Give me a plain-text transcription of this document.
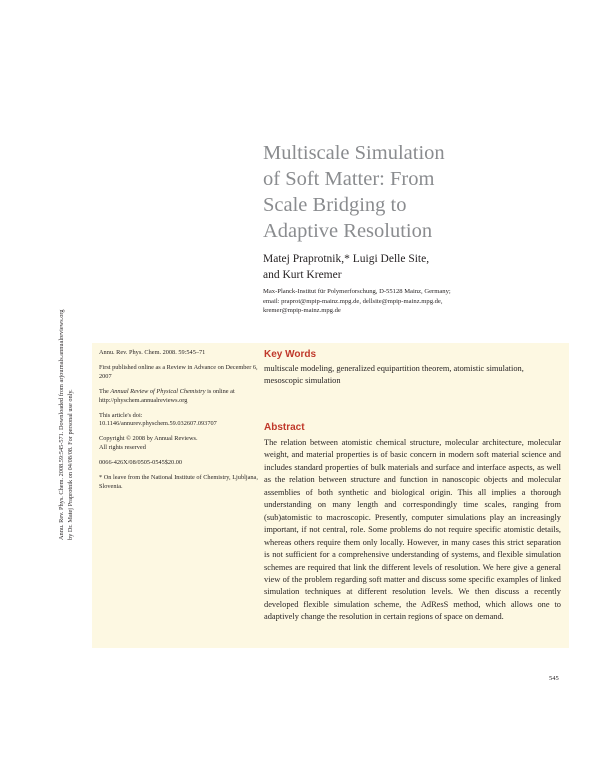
Multiscale Simulation
of Soft Matter: From
Scale Bridging to
Adaptive Resolution

Matej Praprotnik,* Luigi Delle Site,
and Kurt Kremer

Max-Planck-Institut für Polymerforschung, D-55128 Mainz, Germany;
email: praprot@mpip-mainz.mpg.de, dellsite@mpip-mainz.mpg.de,
kremer@mpip-mainz.mpg.de

Annu. Rev. Phys. Chem. 2008. 59:545–71

First published online as a Review in Advance on December 6, 2007

The Annual Review of Physical Chemistry is online at http://physchem.annualreviews.org

This article's doi:
10.1146/annurev.physchem.59.032607.093707

Copyright © 2008 by Annual Reviews.
All rights reserved

0066-426X/08/0505-0545$20.00

* On leave from the National Institute of Chemistry, Ljubljana, Slovenia.

Key Words

multiscale modeling, generalized equipartition theorem, atomistic simulation, mesoscopic simulation

Abstract

The relation between atomistic chemical structure, molecular architecture, molecular weight, and material properties is of basic concern in modern soft material science and includes standard properties of bulk materials and surface and interface aspects, as well as the relation between structure and function in nanoscopic objects and molecular assemblies of both synthetic and biological origin. This all implies a thorough understanding on many length and correspondingly time scales, ranging from (sub)atomistic to macroscopic. Presently, computer simulations play an increasingly important, if not central, role. Some problems do not require specific atomistic details, whereas others require them only locally. However, in many cases this strict separation is not sufficient for a comprehensive understanding of systems, and flexible simulation schemes are required that link the different levels of resolution. We here give a general view of the problem regarding soft matter and discuss some specific examples of linked simulation techniques at different resolution levels. We then discuss a recently developed flexible simulation scheme, the AdResS method, which allows one to adaptively change the resolution in certain regions of space on demand.

545

Annu. Rev. Phys. Chem. 2008.59:545-571. Downloaded from arjournals.annualreviews.org by Dr. Matej Praprotnik on 04/08/08. For personal use only.
